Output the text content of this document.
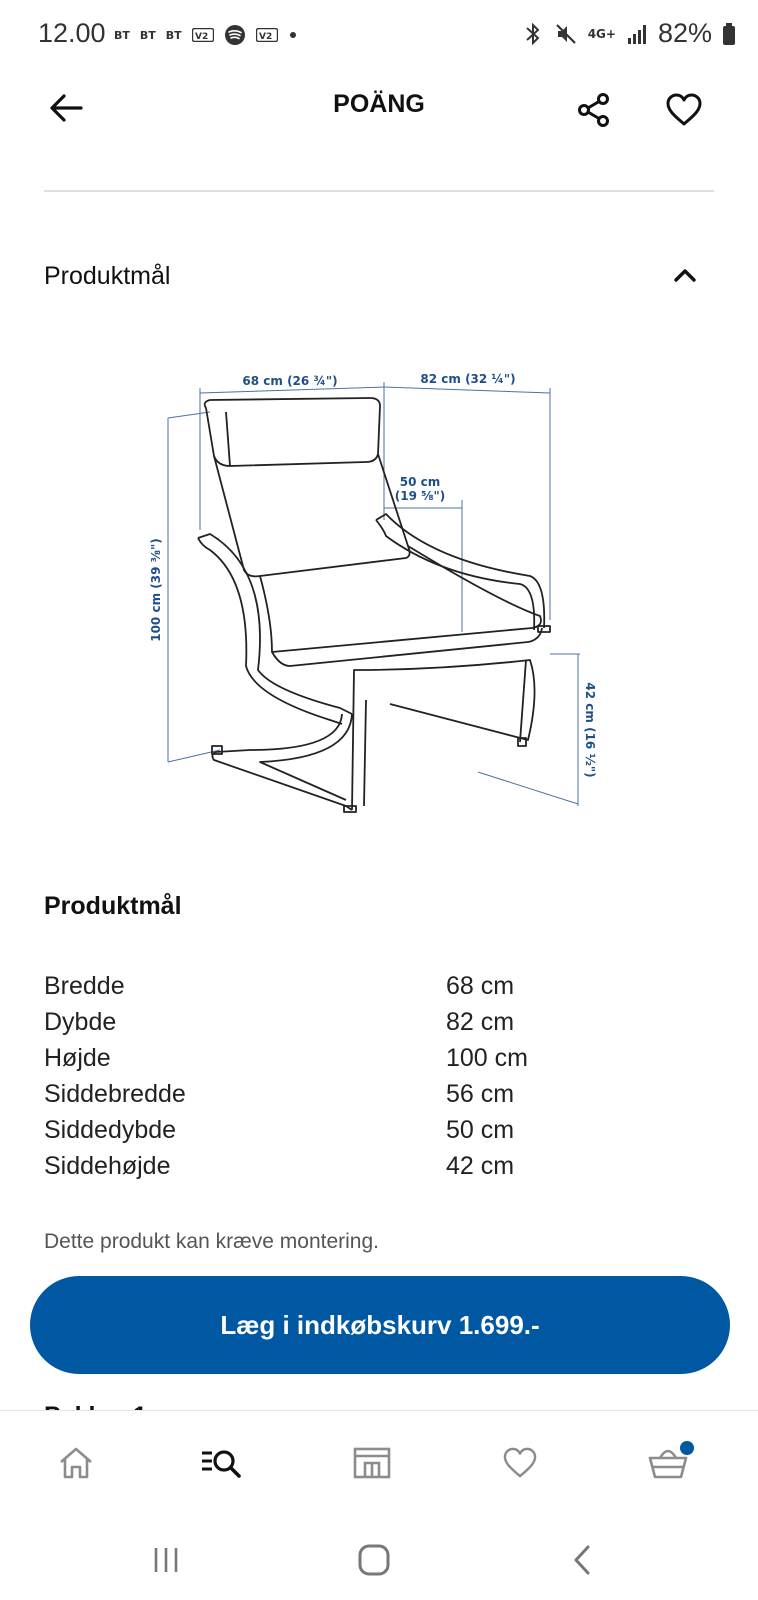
12.00 BT BT BT V2	V2	4G+ 82%
POÄNG
Produktmål
68 cm (26 ¾")	82 cm (32 ¼")
50 cm
(19 ⅝")
100 cm (39 ⅜")
42 cm (16 ½")
Produktmål
Bredde	68 cm
Dybde	82 cm
Højde	100 cm
Siddebredde	56 cm
Siddedybde	50 cm
Siddehøjde	42 cm
Dette produkt kan kræve montering.
Læg i indkøbskurv 1.699.-
